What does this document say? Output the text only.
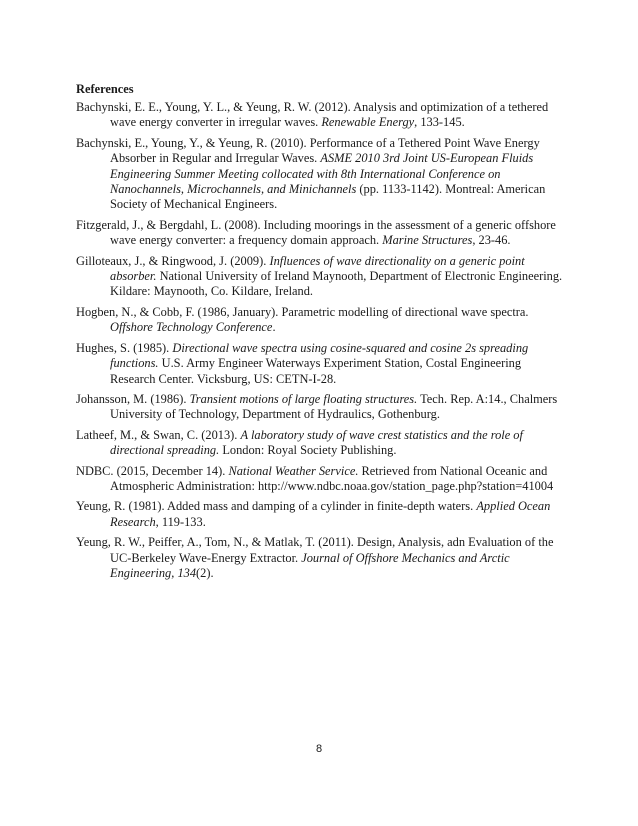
References
Bachynski, E. E., Young, Y. L., & Yeung, R. W. (2012). Analysis and optimization of a tethered wave energy converter in irregular waves. Renewable Energy, 133-145.
Bachynski, E., Young, Y., & Yeung, R. (2010). Performance of a Tethered Point Wave Energy Absorber in Regular and Irregular Waves. ASME 2010 3rd Joint US-European Fluids Engineering Summer Meeting collocated with 8th International Conference on Nanochannels, Microchannels, and Minichannels (pp. 1133-1142). Montreal: American Society of Mechanical Engineers.
Fitzgerald, J., & Bergdahl, L. (2008). Including moorings in the assessment of a generic offshore wave energy converter: a frequency domain approach. Marine Structures, 23-46.
Gilloteaux, J., & Ringwood, J. (2009). Influences of wave directionality on a generic point absorber. National University of Ireland Maynooth, Department of Electronic Engineering. Kildare: Maynooth, Co. Kildare, Ireland.
Hogben, N., & Cobb, F. (1986, January). Parametric modelling of directional wave spectra. Offshore Technology Conference.
Hughes, S. (1985). Directional wave spectra using cosine-squared and cosine 2s spreading functions. U.S. Army Engineer Waterways Experiment Station, Costal Engineering Research Center. Vicksburg, US: CETN-I-28.
Johansson, M. (1986). Transient motions of large floating structures. Tech. Rep. A:14., Chalmers University of Technology, Department of Hydraulics, Gothenburg.
Latheef, M., & Swan, C. (2013). A laboratory study of wave crest statistics and the role of directional spreading. London: Royal Society Publishing.
NDBC. (2015, December 14). National Weather Service. Retrieved from National Oceanic and Atmospheric Administration: http://www.ndbc.noaa.gov/station_page.php?station=41004
Yeung, R. (1981). Added mass and damping of a cylinder in finite-depth waters. Applied Ocean Research, 119-133.
Yeung, R. W., Peiffer, A., Tom, N., & Matlak, T. (2011). Design, Analysis, adn Evaluation of the UC-Berkeley Wave-Energy Extractor. Journal of Offshore Mechanics and Arctic Engineering, 134(2).
8
